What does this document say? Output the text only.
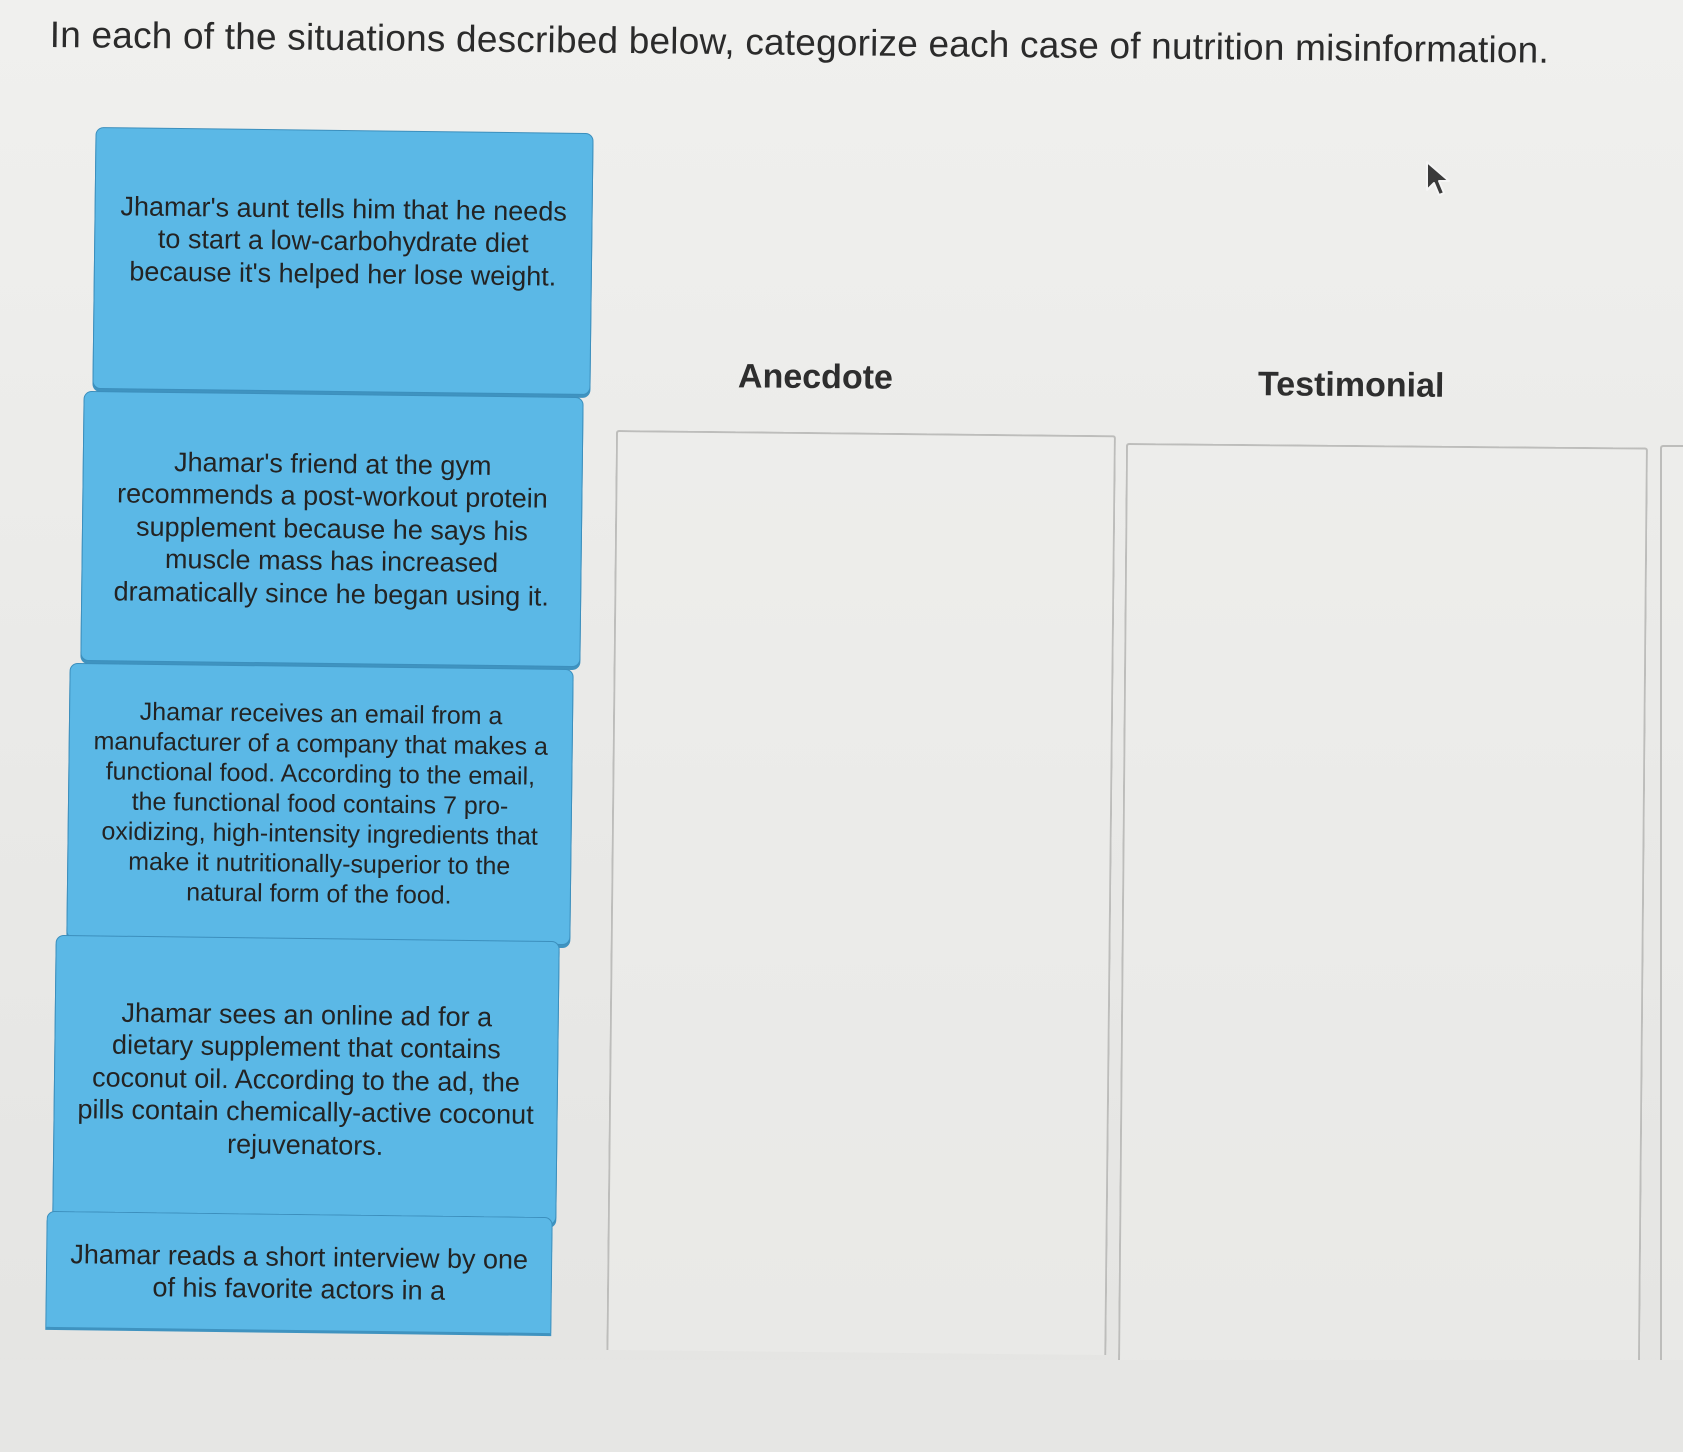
In each of the situations described below, categorize each case of nutrition misinformation.
Jhamar's aunt tells him that he needs to start a low-carbohydrate diet because it's helped her lose weight.
Jhamar's friend at the gym recommends a post-workout protein supplement because he says his muscle mass has increased dramatically since he began using it.
Jhamar receives an email from a manufacturer of a company that makes a functional food. According to the email, the functional food contains 7 pro-oxidizing, high-intensity ingredients that make it nutritionally-superior to the natural form of the food.
Jhamar sees an online ad for a dietary supplement that contains coconut oil. According to the ad, the pills contain chemically-active coconut rejuvenators.
Jhamar reads a short interview by one of his favorite actors in a
Anecdote	Testimonial
